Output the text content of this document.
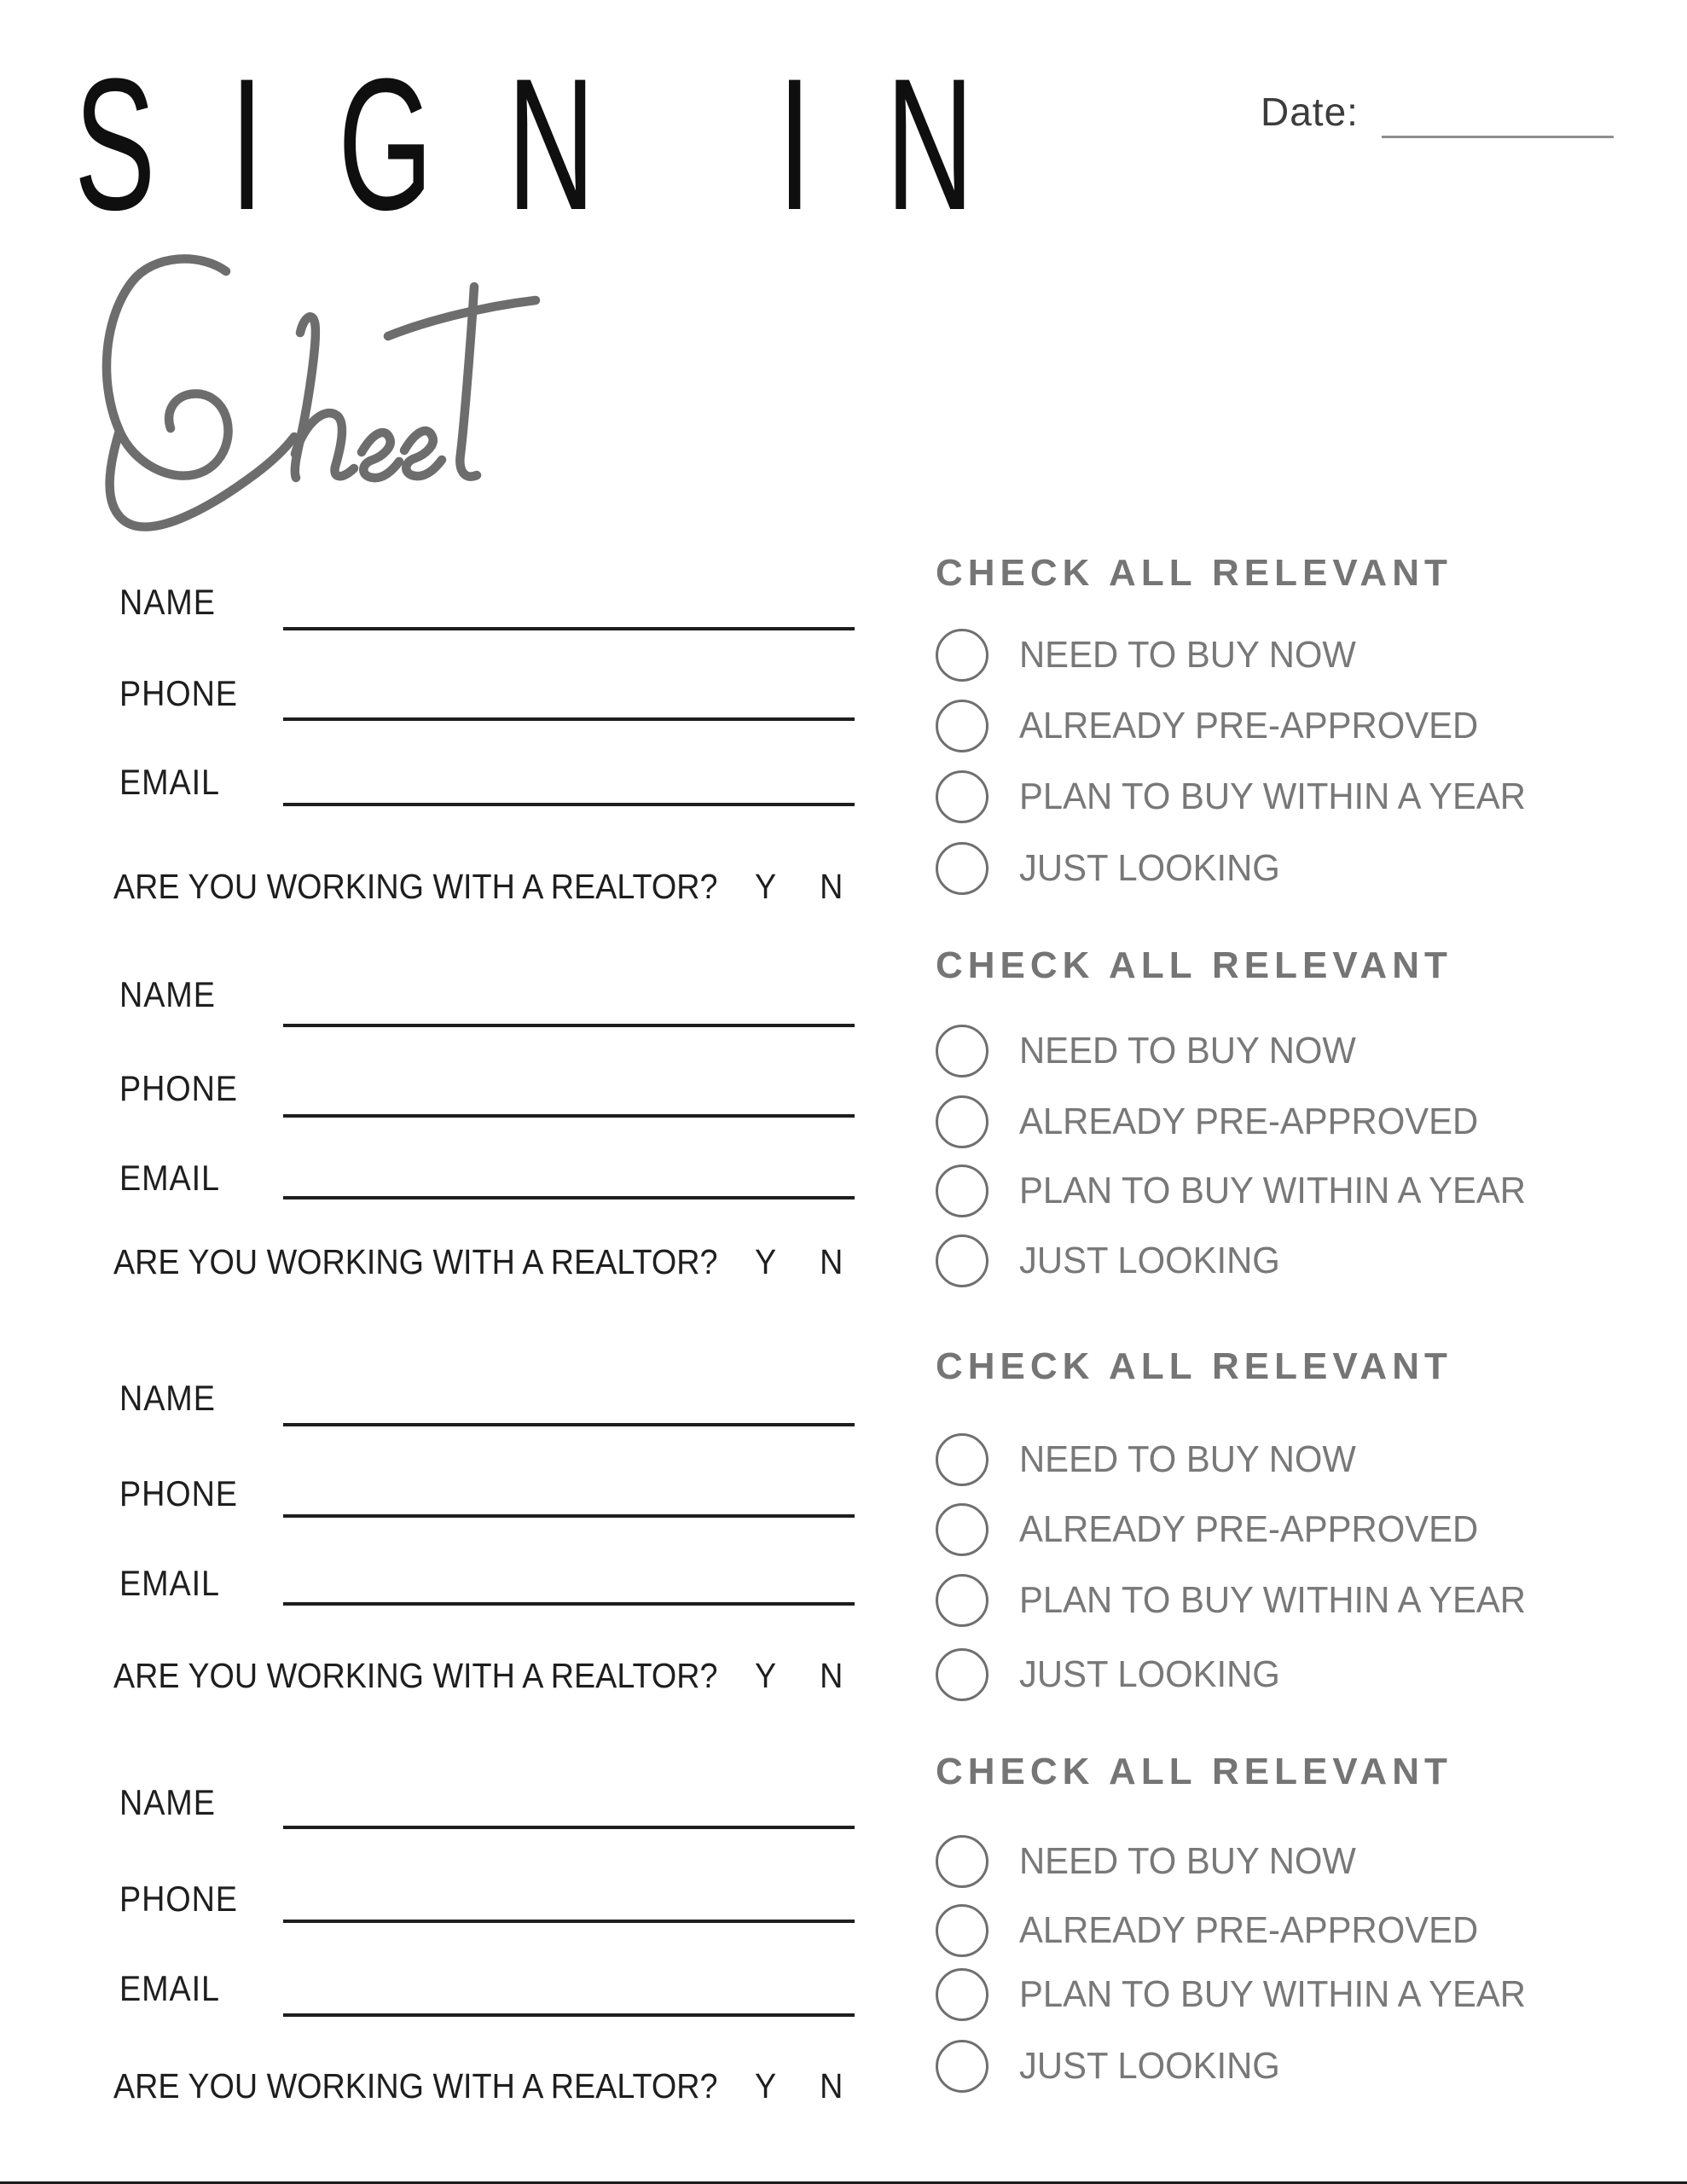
SIGN IN	Date:
NAME
PHONE
EMAIL
ARE YOU WORKING WITH A REALTOR? Y N
NAME
PHONE
EMAIL
ARE YOU WORKING WITH A REALTOR? Y N
NAME
PHONE
EMAIL
ARE YOU WORKING WITH A REALTOR? Y N
NAME
PHONE
EMAIL
ARE YOU WORKING WITH A REALTOR? Y N
CHECK ALL RELEVANT
NEED TO BUY NOW
ALREADY PRE-APPROVED
PLAN TO BUY WITHIN A YEAR
JUST LOOKING
CHECK ALL RELEVANT
NEED TO BUY NOW
ALREADY PRE-APPROVED
PLAN TO BUY WITHIN A YEAR
JUST LOOKING
CHECK ALL RELEVANT
NEED TO BUY NOW
ALREADY PRE-APPROVED
PLAN TO BUY WITHIN A YEAR
JUST LOOKING
CHECK ALL RELEVANT
NEED TO BUY NOW
ALREADY PRE-APPROVED
PLAN TO BUY WITHIN A YEAR
JUST LOOKING
